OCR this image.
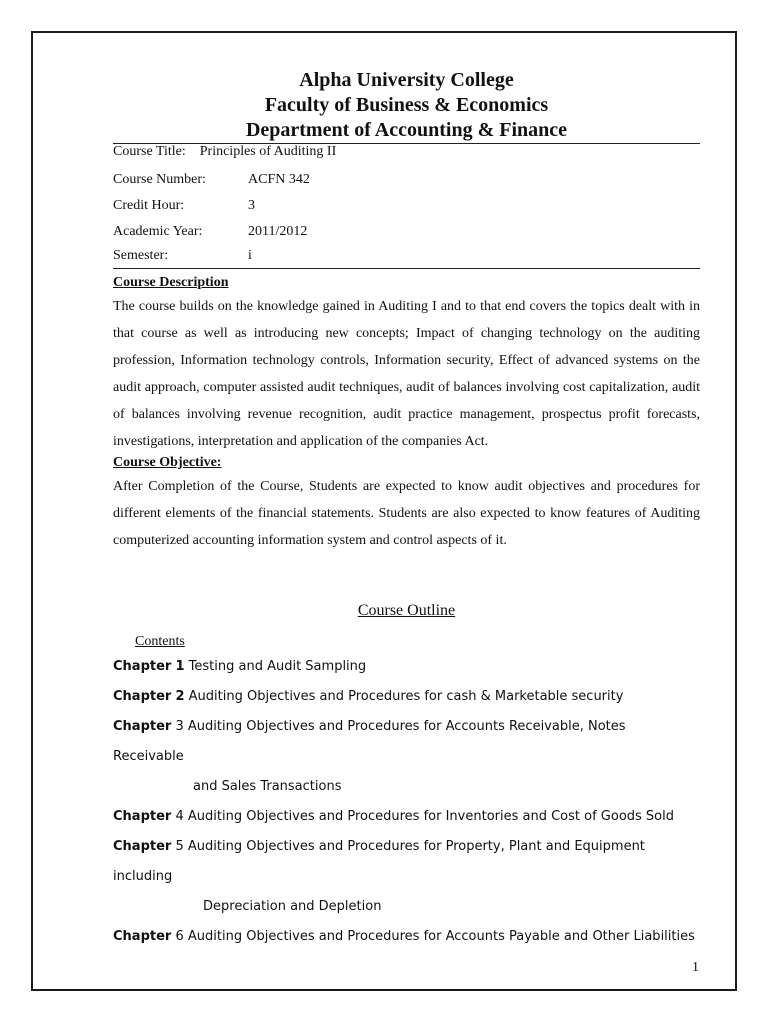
Alpha University College
Faculty of Business & Economics
Department of Accounting & Finance
Course Title: Principles of Auditing II
Course Number:	ACFN 342
Credit Hour:	3
Academic Year:	2011/2012
Semester:	i

Course Description

The course builds on the knowledge gained in Auditing I and to that end covers the topics dealt with in that course as well as introducing new concepts; Impact of changing technology on the auditing profession, Information technology controls, Information security, Effect of advanced systems on the audit approach, computer assisted audit techniques, audit of balances involving cost capitalization, audit of balances involving revenue recognition, audit practice management, prospectus profit forecasts, investigations, interpretation and application of the companies Act.

Course Objective:

After Completion of the Course, Students are expected to know audit objectives and procedures for different elements of the financial statements. Students are also expected to know features of Auditing computerized accounting information system and control aspects of it.

Course Outline

Contents

Chapter 1 Testing and Audit Sampling

Chapter 2 Auditing Objectives and Procedures for cash & Marketable security

Chapter 3 Auditing Objectives and Procedures for Accounts Receivable, Notes Receivable
and Sales Transactions

Chapter 4 Auditing Objectives and Procedures for Inventories and Cost of Goods Sold

Chapter 5 Auditing Objectives and Procedures for Property, Plant and Equipment including
Depreciation and Depletion

Chapter 6 Auditing Objectives and Procedures for Accounts Payable and Other Liabilities

1
